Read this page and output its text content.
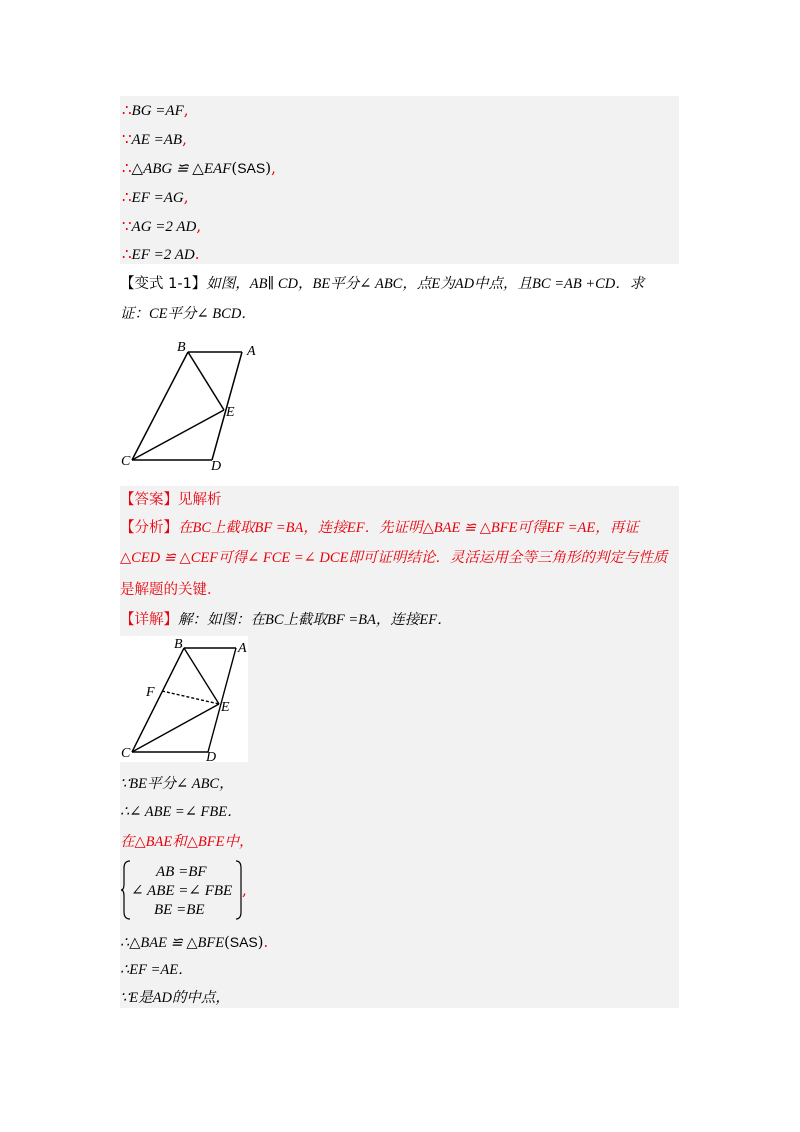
∴BG =AF,
∵AE =AB,
∴△ABG ≌ △EAF(SAS),
∴EF =AG,
∵AG =2 AD,
∴EF =2 AD.
【变式 1-1】如图，AB∥ CD，BE平分∠ ABC，点E为AD中点，且BC =AB +CD．求
证：CE平分∠ BCD．
B	A
E
C	D
【答案】见解析
【分析】在BC上截取BF =BA，连接EF．先证明△BAE ≌ △BFE可得EF =AE，再证
△CED ≌ △CEF可得∠ FCE =∠ DCE即可证明结论．灵活运用全等三角形的判定与性质
是解题的关键．
【详解】解：如图：在BC上截取BF =BA，连接EF．
B	A
F
E
C	D
∵BE平分∠ ABC，
∴∠ ABE =∠ FBE．
在△BAE和△BFE中，
AB =BF
∠ ABE =∠ FBE
BE =BE
,
∴△BAE ≌ △BFE(SAS).
∴EF =AE．
∵E是AD的中点，
